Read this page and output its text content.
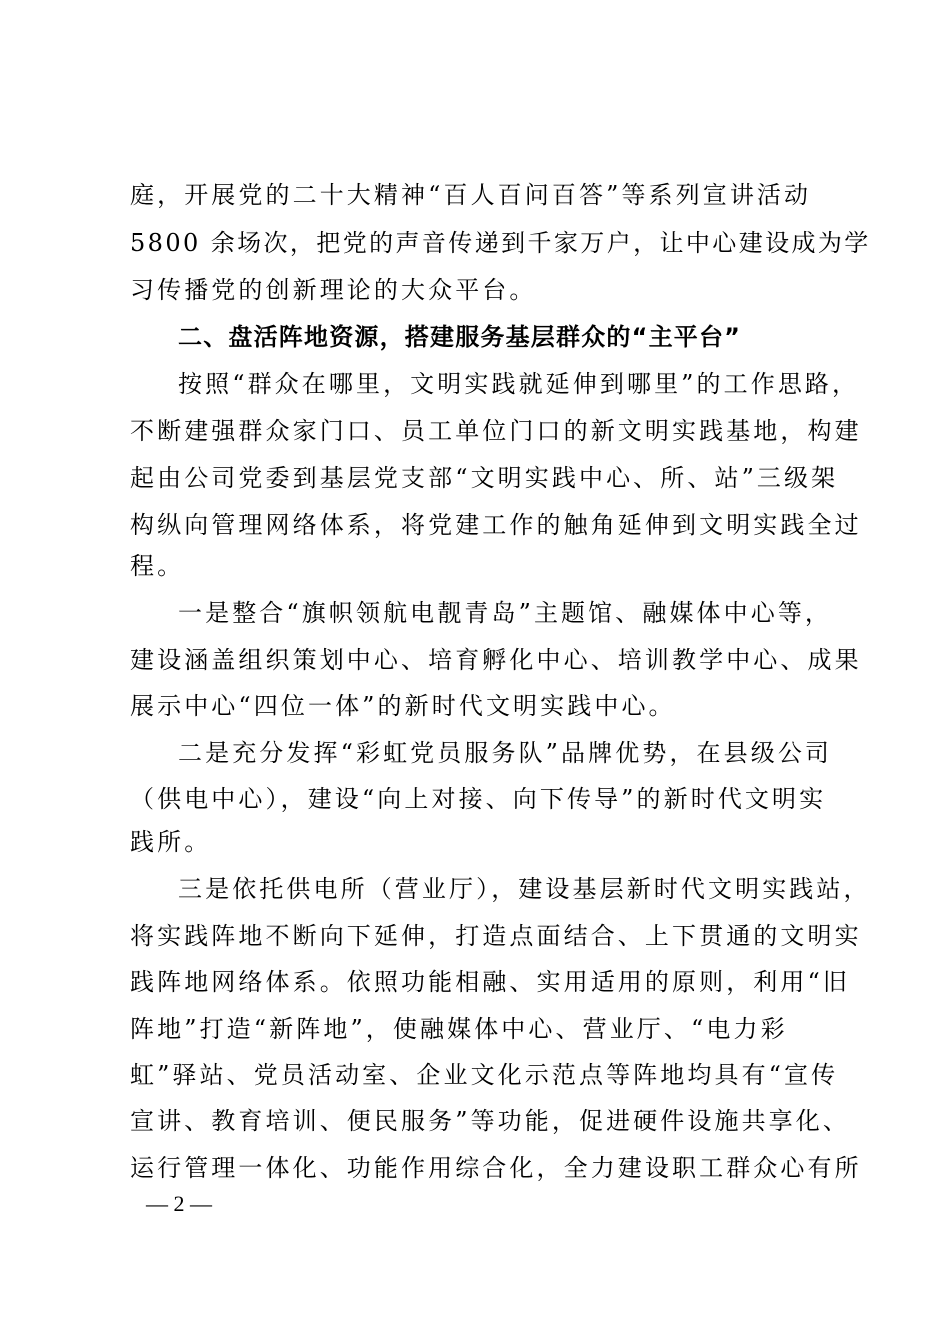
庭，开展党的二十大精神“百人百问百答”等系列宣讲活动
5800 余场次，把党的声音传递到千家万户，让中心建设成为学
习传播党的创新理论的大众平台。
二、盘活阵地资源，搭建服务基层群众的“主平台”
按照“群众在哪里，文明实践就延伸到哪里”的工作思路，
不断建强群众家门口、员工单位门口的新文明实践基地，构建
起由公司党委到基层党支部“文明实践中心、所、站”三级架
构纵向管理网络体系，将党建工作的触角延伸到文明实践全过
程。
一是整合“旗帜领航电靓青岛”主题馆、融媒体中心等，
建设涵盖组织策划中心、培育孵化中心、培训教学中心、成果
展示中心“四位一体”的新时代文明实践中心。
二是充分发挥“彩虹党员服务队”品牌优势，在县级公司
（供电中心），建设“向上对接、向下传导”的新时代文明实
践所。
三是依托供电所（营业厅），建设基层新时代文明实践站，
将实践阵地不断向下延伸，打造点面结合、上下贯通的文明实
践阵地网络体系。依照功能相融、实用适用的原则，利用“旧
阵地”打造“新阵地”，使融媒体中心、营业厅、“电力彩
虹”驿站、党员活动室、企业文化示范点等阵地均具有“宣传
宣讲、教育培训、便民服务”等功能，促进硬件设施共享化、
运行管理一体化、功能作用综合化，全力建设职工群众心有所
— 2 —
